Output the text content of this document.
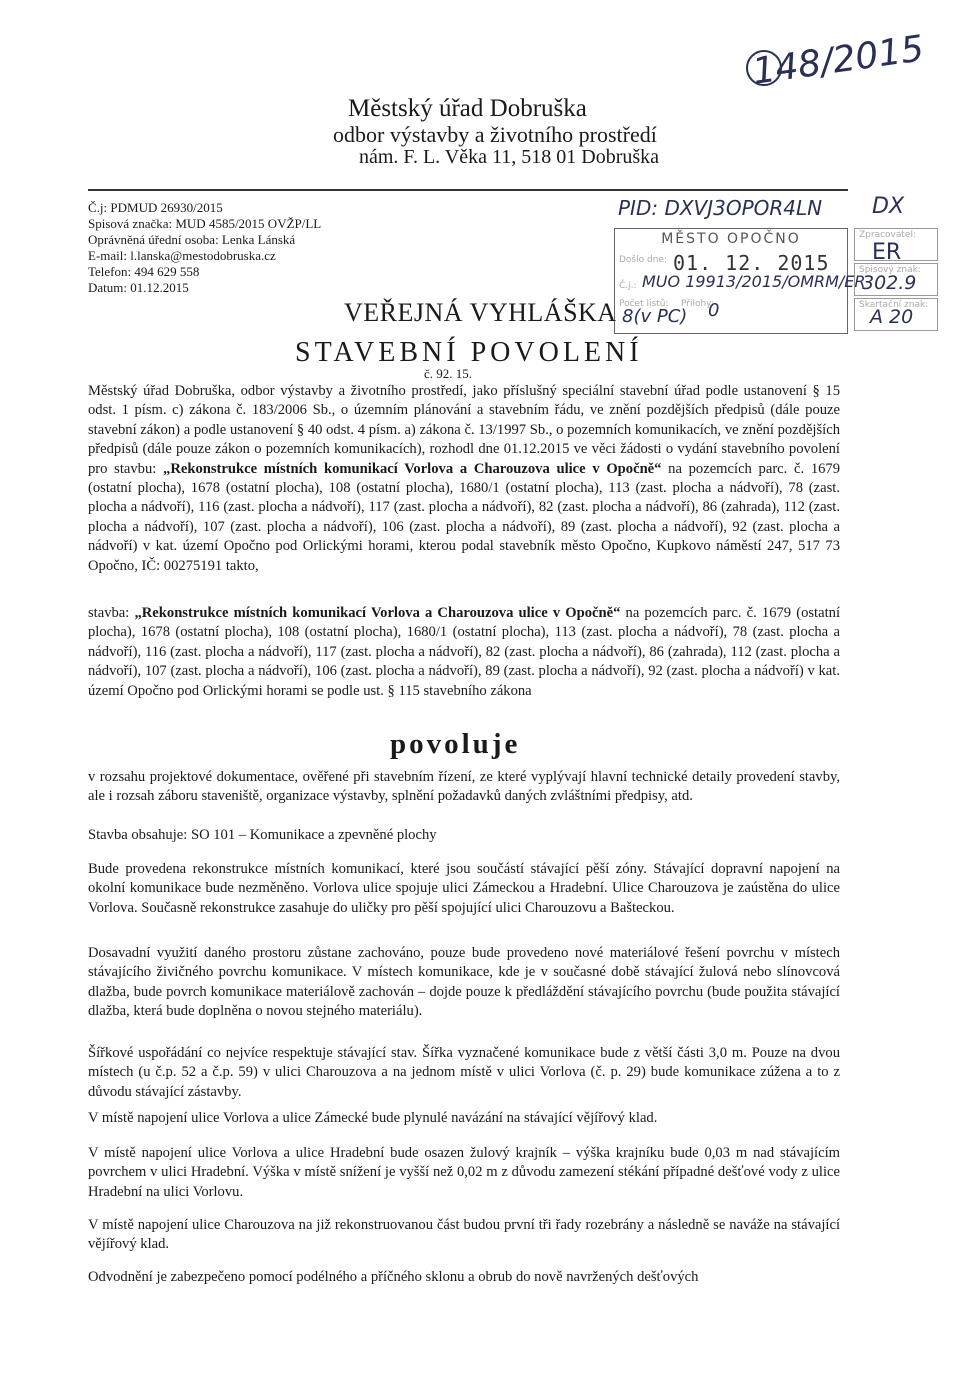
148/2015
Městský úřad Dobruška
odbor výstavby a životního prostředí
nám. F. L. Věka 11, 518 01 Dobruška
Č.j: PDMUD 26930/2015
Spisová značka: MUD 4585/2015 OVŽP/LL
Oprávněná úřední osoba: Lenka Lánská
E-mail: l.lanska@mestodobruska.cz
Telefon: 494 629 558
Datum: 01.12.2015
PID: DXVJ3OPOR4LN DX
MĚSTO OPOČNO
Došlo dne: 01. 12. 2015
Č.j.:
Počet listů: Přílohy:
Zpracovatel:
Spisový znak:
Skartační znak:
MUO 19913/2015/OMRM/ER
8(v PC) 0
ER
302.9
A 20
VEŘEJNÁ VYHLÁŠKA
STAVEBNÍ POVOLENÍ
č. 92. 15.
Městský úřad Dobruška, odbor výstavby a životního prostředí, jako příslušný speciální stavební úřad podle ustanovení § 15 odst. 1 písm. c) zákona č. 183/2006 Sb., o územním plánování a stavebním řádu, ve znění pozdějších předpisů (dále pouze stavební zákon) a podle ustanovení § 40 odst. 4 písm. a) zákona č. 13/1997 Sb., o pozemních komunikacích, ve znění pozdějších předpisů (dále pouze zákon o pozemních komunikacích), rozhodl dne 01.12.2015 ve věci žádosti o vydání stavebního povolení pro stavbu: „Rekonstrukce místních komunikací Vorlova a Charouzova ulice v Opočně“ na pozemcích parc. č. 1679 (ostatní plocha), 1678 (ostatní plocha), 108 (ostatní plocha), 1680/1 (ostatní plocha), 113 (zast. plocha a nádvoří), 78 (zast. plocha a nádvoří), 116 (zast. plocha a nádvoří), 117 (zast. plocha a nádvoří), 82 (zast. plocha a nádvoří), 86 (zahrada), 112 (zast. plocha a nádvoří), 107 (zast. plocha a nádvoří), 106 (zast. plocha a nádvoří), 89 (zast. plocha a nádvoří), 92 (zast. plocha a nádvoří) v kat. území Opočno pod Orlickými horami, kterou podal stavebník město Opočno, Kupkovo náměstí 247, 517 73 Opočno, IČ: 00275191 takto,
stavba: „Rekonstrukce místních komunikací Vorlova a Charouzova ulice v Opočně“ na pozemcích parc. č. 1679 (ostatní plocha), 1678 (ostatní plocha), 108 (ostatní plocha), 1680/1 (ostatní plocha), 113 (zast. plocha a nádvoří), 78 (zast. plocha a nádvoří), 116 (zast. plocha a nádvoří), 117 (zast. plocha a nádvoří), 82 (zast. plocha a nádvoří), 86 (zahrada), 112 (zast. plocha a nádvoří), 107 (zast. plocha a nádvoří), 106 (zast. plocha a nádvoří), 89 (zast. plocha a nádvoří), 92 (zast. plocha a nádvoří) v kat. území Opočno pod Orlickými horami se podle ust. § 115 stavebního zákona
povoluje
v rozsahu projektové dokumentace, ověřené při stavebním řízení, ze které vyplývají hlavní technické detaily provedení stavby, ale i rozsah záboru staveniště, organizace výstavby, splnění požadavků daných zvláštními předpisy, atd.
Stavba obsahuje: SO 101 – Komunikace a zpevněné plochy
Bude provedena rekonstrukce místních komunikací, které jsou součástí stávající pěší zóny. Stávající dopravní napojení na okolní komunikace bude nezměněno. Vorlova ulice spojuje ulici Zámeckou a Hradební. Ulice Charouzova je zaústěna do ulice Vorlova. Současně rekonstrukce zasahuje do uličky pro pěší spojující ulici Charouzovu a Bašteckou.
Dosavadní využití daného prostoru zůstane zachováno, pouze bude provedeno nové materiálové řešení povrchu v místech stávajícího živičného povrchu komunikace. V místech komunikace, kde je v současné době stávající žulová nebo slínovcová dlažba, bude povrch komunikace materiálově zachován – dojde pouze k předláždění stávajícího povrchu (bude použita stávající dlažba, která bude doplněna o novou stejného materiálu).
Šířkové uspořádání co nejvíce respektuje stávající stav. Šířka vyznačené komunikace bude z větší části 3,0 m. Pouze na dvou místech (u č.p. 52 a č.p. 59) v ulici Charouzova a na jednom místě v ulici Vorlova (č. p. 29) bude komunikace zúžena a to z důvodu stávající zástavby.
V místě napojení ulice Vorlova a ulice Zámecké bude plynulé navázání na stávající vějířový klad.
V místě napojení ulice Vorlova a ulice Hradební bude osazen žulový krajník – výška krajníku bude 0,03 m nad stávajícím povrchem v ulici Hradební. Výška v místě snížení je vyšší než 0,02 m z důvodu zamezení stékání případné dešťové vody z ulice Hradební na ulici Vorlovu.
V místě napojení ulice Charouzova na již rekonstruovanou část budou první tři řady rozebrány a následně se naváže na stávající vějířový klad.
Odvodnění je zabezpečeno pomocí podélného a příčného sklonu a obrub do nově navržených dešťových
